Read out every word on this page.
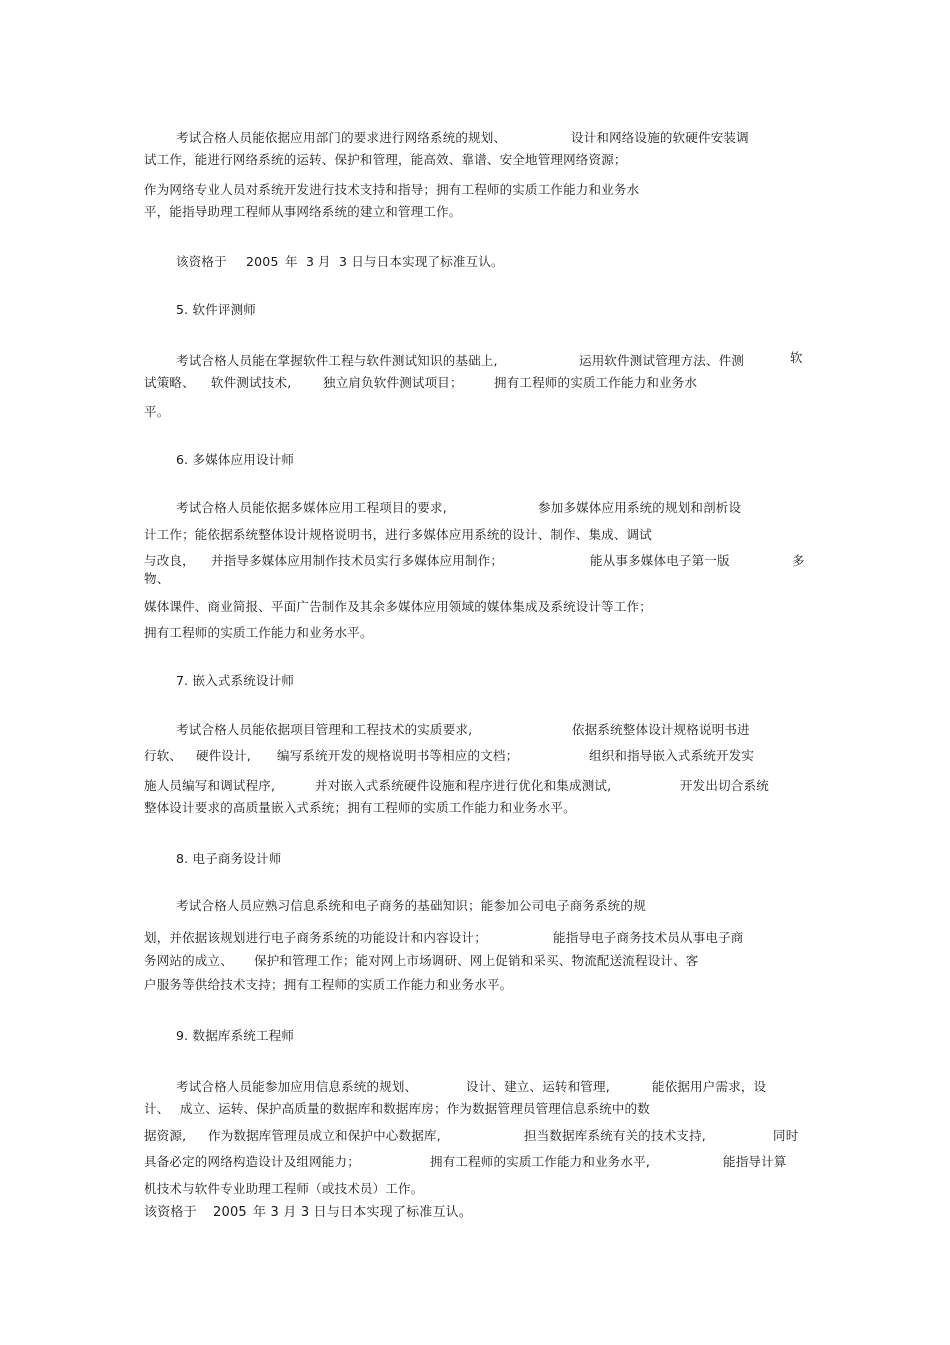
考试合格人员能依据应用部门的要求进行网络系统的规划、	设计和网络设施的软硬件安装调
试工作，能进行网络系统的运转、保护和管理，能高效、靠谱、安全地管理网络资源；
作为网络专业人员对系统开发进行技术支持和指导；拥有工程师的实质工作能力和业务水
平，能指导助理工程师从事网络系统的建立和管理工作。
该资格于 2005 年 3 月 3 日与日本实现了标准互认。
5. 软件评测师
考试合格人员能在掌握软件工程与软件测试知识的基础上,	运用软件测试管理方法、件测	软
试策略、 软件测试技术,	独立肩负软件测试项目；	拥有工程师的实质工作能力和业务水
平。
6. 多媒体应用设计师
考试合格人员能依据多媒体应用工程项目的要求,	参加多媒体应用系统的规划和剖析设
计工作；能依据系统整体设计规格说明书，进行多媒体应用系统的设计、制作、集成、调试
与改良， 并指导多媒体应用制作技术员实行多媒体应用制作；	能从事多媒体电子第一版	多
物、
媒体课件、商业简报、平面广告制作及其余多媒体应用领域的媒体集成及系统设计等工作；
拥有工程师的实质工作能力和业务水平。
7. 嵌入式系统设计师
考试合格人员能依据项目管理和工程技术的实质要求,	依据系统整体设计规格说明书进
行软、 硬件设计, 编写系统开发的规格说明书等相应的文档；	组织和指导嵌入式系统开发实
施人员编写和调试程序,	并对嵌入式系统硬件设施和程序进行优化和集成测试,	开发出切合系统
整体设计要求的高质量嵌入式系统；拥有工程师的实质工作能力和业务水平。
8. 电子商务设计师
考试合格人员应熟习信息系统和电子商务的基础知识；能参加公司电子商务系统的规
划，并依据该规划进行电子商务系统的功能设计和内容设计；	能指导电子商务技术员从事电子商
务网站的成立、 保护和管理工作；能对网上市场调研、网上促销和采买、物流配送流程设计、客
户服务等供给技术支持；拥有工程师的实质工作能力和业务水平。
9. 数据库系统工程师
考试合格人员能参加应用信息系统的规划、	设计、建立、运转和管理,	能依据用户需求，设
计、 成立、运转、保护高质量的数据库和数据库房；作为数据管理员管理信息系统中的数
据资源, 作为数据库管理员成立和保护中心数据库,	担当数据库系统有关的技术支持,	同时
具备必定的网络构造设计及组网能力；	拥有工程师的实质工作能力和业务水平,	能指导计算
机技术与软件专业助理工程师（或技术员）工作。
该资格于 2005 年 3 月 3 日与日本实现了标准互认。
